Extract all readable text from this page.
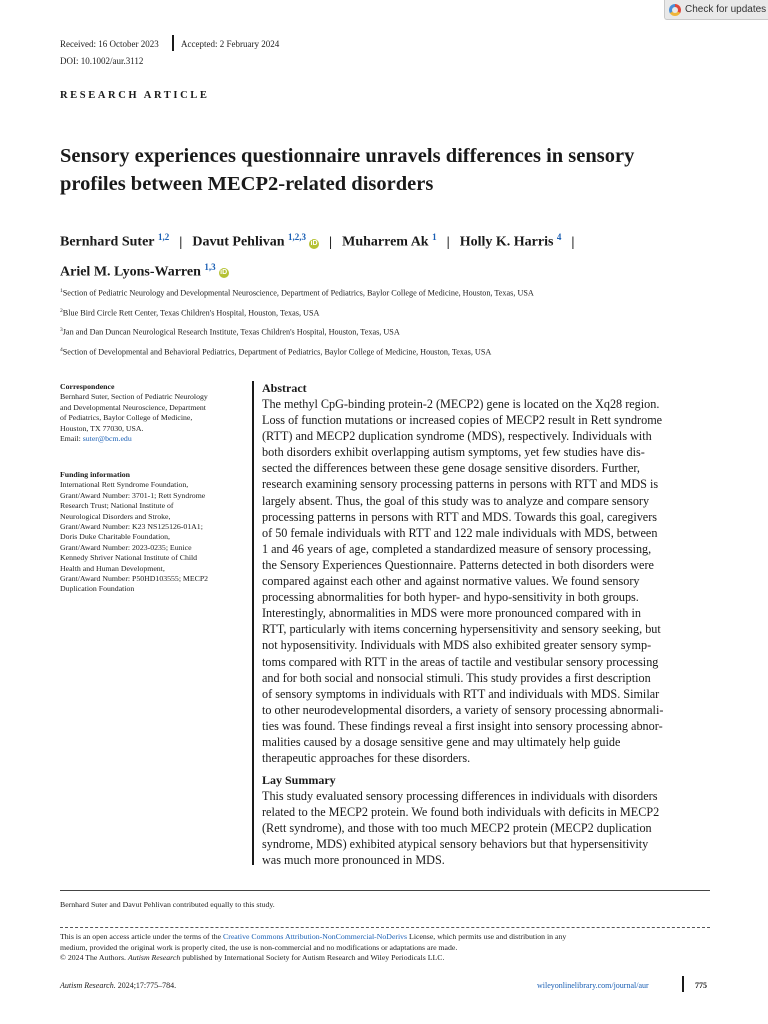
Check for updates
Received: 16 October 2023 Accepted: 2 February 2024
DOI: 10.1002/aur.3112
RESEARCH ARTICLE
Sensory experiences questionnaire unravels differences in sensory
profiles between MECP2-related disorders
Bernhard Suter $^{1,2}$ | Davut Pehlivan $^{1,2,3}$iD | Muharrem Ak $^1$ | Holly K. Harris $^4$ |
Ariel M. Lyons-Warren $^{1,3}$iD
$^1$Section of Pediatric Neurology and Developmental Neuroscience, Department of Pediatrics, Baylor College of Medicine, Houston, Texas, USA
$^2$Blue Bird Circle Rett Center, Texas Children's Hospital, Houston, Texas, USA
$^3$Jan and Dan Duncan Neurological Research Institute, Texas Children's Hospital, Houston, Texas, USA
$^4$Section of Developmental and Behavioral Pediatrics, Department of Pediatrics, Baylor College of Medicine, Houston, Texas, USA
Correspondence
Bernhard Suter, Section of Pediatric Neurology
and Developmental Neuroscience, Department
of Pediatrics, Baylor College of Medicine,
Houston, TX 77030, USA.
Email: suter@bcm.edu
Funding information
International Rett Syndrome Foundation,
Grant/Award Number: 3701-1; Rett Syndrome
Research Trust; National Institute of
Neurological Disorders and Stroke,
Grant/Award Number: K23 NS125126-01A1;
Doris Duke Charitable Foundation,
Grant/Award Number: 2023-0235; Eunice
Kennedy Shriver National Institute of Child
Health and Human Development,
Grant/Award Number: P50HD103555; MECP2
Duplication Foundation
Abstract
The methyl CpG-binding protein-2 (MECP2) gene is located on the Xq28 region.
Loss of function mutations or increased copies of MECP2 result in Rett syndrome
(RTT) and MECP2 duplication syndrome (MDS), respectively. Individuals with
both disorders exhibit overlapping autism symptoms, yet few studies have dis-
sected the differences between these gene dosage sensitive disorders. Further,
research examining sensory processing patterns in persons with RTT and MDS is
largely absent. Thus, the goal of this study was to analyze and compare sensory
processing patterns in persons with RTT and MDS. Towards this goal, caregivers
of 50 female individuals with RTT and 122 male individuals with MDS, between
1 and 46 years of age, completed a standardized measure of sensory processing,
the Sensory Experiences Questionnaire. Patterns detected in both disorders were
compared against each other and against normative values. We found sensory
processing abnormalities for both hyper- and hypo-sensitivity in both groups.
Interestingly, abnormalities in MDS were more pronounced compared with in
RTT, particularly with items concerning hypersensitivity and sensory seeking, but
not hyposensitivity. Individuals with MDS also exhibited greater sensory symp-
toms compared with RTT in the areas of tactile and vestibular sensory processing
and for both social and nonsocial stimuli. This study provides a first description
of sensory symptoms in individuals with RTT and individuals with MDS. Similar
to other neurodevelopmental disorders, a variety of sensory processing abnormali-
ties was found. These findings reveal a first insight into sensory processing abnor-
malities caused by a dosage sensitive gene and may ultimately help guide
therapeutic approaches for these disorders.
Lay Summary
This study evaluated sensory processing differences in individuals with disorders
related to the MECP2 protein. We found both individuals with deficits in MECP2
(Rett syndrome), and those with too much MECP2 protein (MECP2 duplication
syndrome, MDS) exhibited atypical sensory behaviors but that hypersensitivity
was much more pronounced in MDS.
Bernhard Suter and Davut Pehlivan contributed equally to this study.
This is an open access article under the terms of the Creative Commons Attribution-NonCommercial-NoDerivs License, which permits use and distribution in any
medium, provided the original work is properly cited, the use is non-commercial and no modifications or adaptations are made.
© 2024 The Authors. Autism Research published by International Society for Autism Research and Wiley Periodicals LLC.
Autism Research. 2024;17:775–784.	wileyonlinelibrary.com/journal/aur	775
